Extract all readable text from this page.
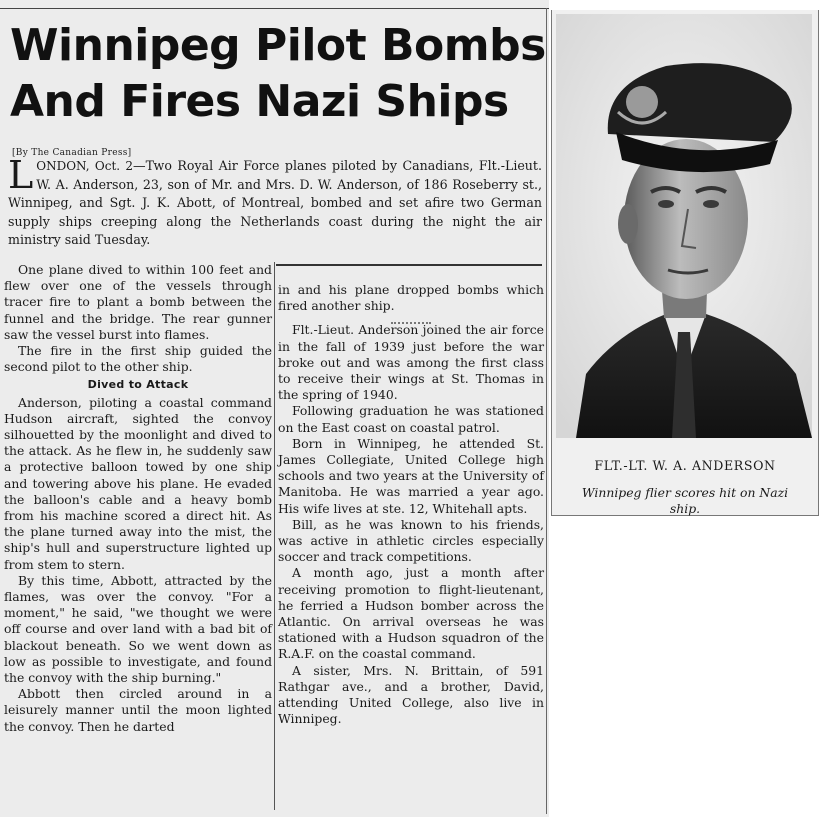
Winnipeg Pilot Bombs
And Fires Nazi Ships
[By The Canadian Press]

LONDON, Oct. 2—Two Royal Air Force planes piloted by Canadians, Flt.-Lieut. W. A. Anderson, 23, son of Mr. and Mrs. D. W. Anderson, of 186 Roseberry st., Winnipeg, and Sgt. J. K. Abott, of Montreal, bombed and set afire two German supply ships creeping along the Netherlands coast during the night the air ministry said Tuesday.

One plane dived to within 100 feet and flew over one of the vessels through tracer fire to plant a bomb between the funnel and the bridge. The rear gunner saw the vessel burst into flames.

The fire in the first ship guided the second pilot to the other ship.

Dived to Attack

Anderson, piloting a coastal command Hudson aircraft, sighted the convoy silhouetted by the moonlight and dived to the attack. As he flew in, he suddenly saw a protective balloon towed by one ship and towering above his plane. He evaded the balloon's cable and a heavy bomb from his machine scored a direct hit. As the plane turned away into the mist, the ship's hull and superstructure lighted up from stem to stern.

By this time, Abbott, attracted by the flames, was over the convoy. "For a moment," he said, "we thought we were off course and over land with a bad bit of blackout beneath. So we went down as low as possible to investigate, and found the convoy with the ship burning."

Abbott then circled around in a leisurely manner until the moon lighted the convoy. Then he darted

in and his plane dropped bombs which fired another ship.

Flt.-Lieut. Anderson joined the air force in the fall of 1939 just before the war broke out and was among the first class to receive their wings at St. Thomas in the spring of 1940.

Following graduation he was stationed on the East coast on coastal patrol.

Born in Winnipeg, he attended St. James Collegiate, United College high schools and two years at the University of Manitoba. He was married a year ago. His wife lives at ste. 12, Whitehall apts.

Bill, as he was known to his friends, was active in athletic circles especially soccer and track competitions.

A month ago, just a month after receiving promotion to flight-lieutenant, he ferried a Hudson bomber across the Atlantic. On arrival overseas he was stationed with a Hudson squadron of the R.A.F. on the coastal command.

A sister, Mrs. N. Brittain, of 591 Rathgar ave., and a brother, David, attending United College, also live in Winnipeg.

FLT.-LT. W. A. ANDERSON
Winnipeg flier scores hit on Nazi ship.
